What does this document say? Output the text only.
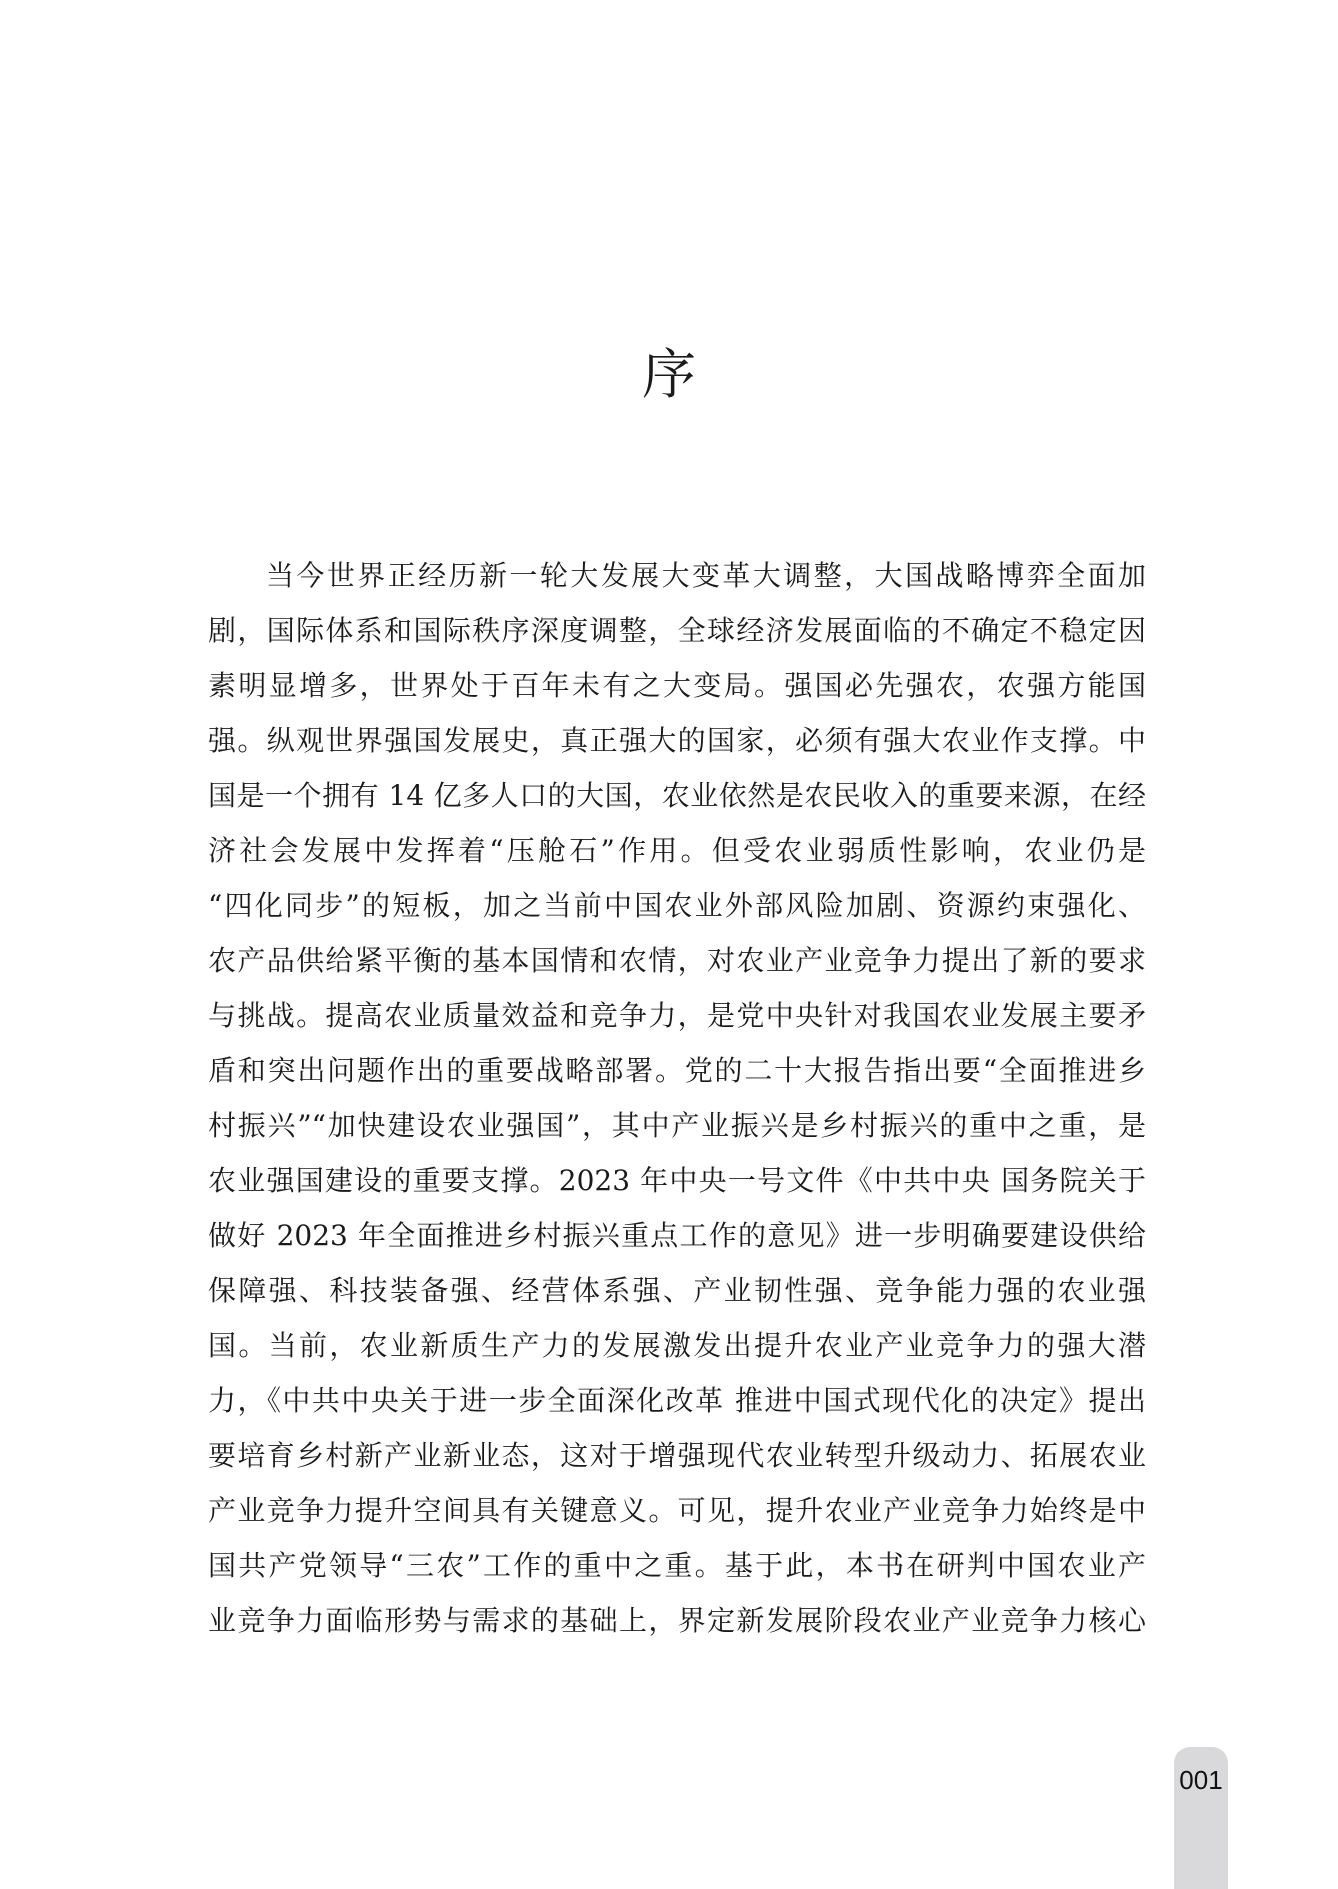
序
当今世界正经历新一轮大发展大变革大调整，大国战略博弈全面加
剧，国际体系和国际秩序深度调整，全球经济发展面临的不确定不稳定因
素明显增多，世界处于百年未有之大变局。强国必先强农，农强方能国
强。纵观世界强国发展史，真正强大的国家，必须有强大农业作支撑。中
国是一个拥有 14 亿多人口的大国，农业依然是农民收入的重要来源，在经
济社会发展中发挥着“压舱石”作用。但受农业弱质性影响，农业仍是
“四化同步”的短板，加之当前中国农业外部风险加剧、资源约束强化、
农产品供给紧平衡的基本国情和农情，对农业产业竞争力提出了新的要求
与挑战。提高农业质量效益和竞争力，是党中央针对我国农业发展主要矛
盾和突出问题作出的重要战略部署。党的二十大报告指出要“全面推进乡
村振兴”“加快建设农业强国”，其中产业振兴是乡村振兴的重中之重，是
农业强国建设的重要支撑。2023 年中央一号文件《中共中央 国务院关于
做好 2023 年全面推进乡村振兴重点工作的意见》进一步明确要建设供给
保障强、科技装备强、经营体系强、产业韧性强、竞争能力强的农业强
国。当前，农业新质生产力的发展激发出提升农业产业竞争力的强大潜
力，《中共中央关于进一步全面深化改革 推进中国式现代化的决定》提出
要培育乡村新产业新业态，这对于增强现代农业转型升级动力、拓展农业
产业竞争力提升空间具有关键意义。可见，提升农业产业竞争力始终是中
国共产党领导“三农”工作的重中之重。基于此，本书在研判中国农业产
业竞争力面临形势与需求的基础上，界定新发展阶段农业产业竞争力核心
001
